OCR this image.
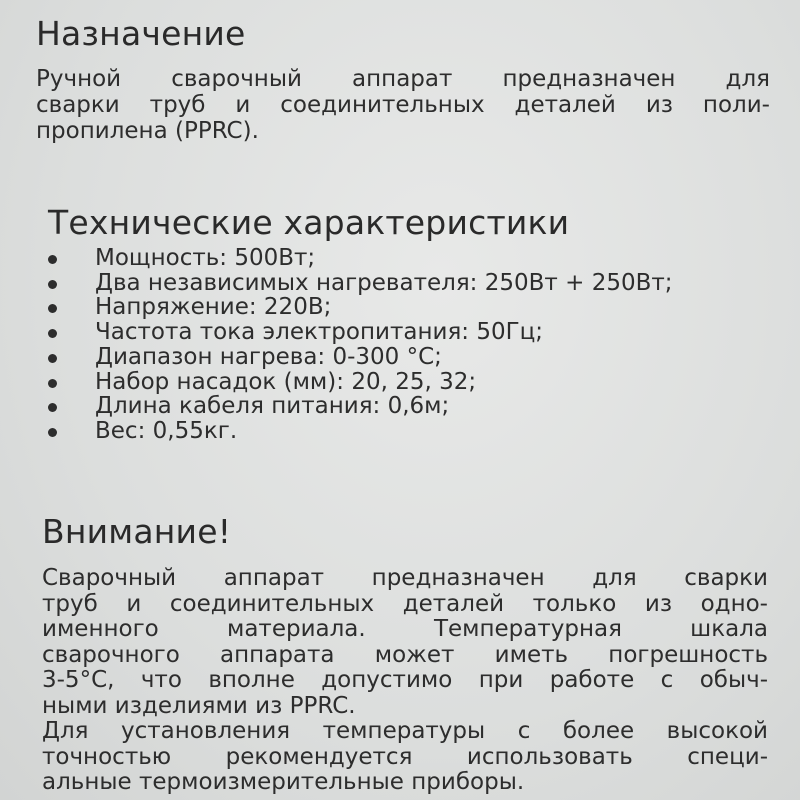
Назначение

Ручной сварочный аппарат предназначен для
сварки труб и соединительных деталей из поли-
пропилена (PPRC).

Технические характеристики
Мощность: 500Вт;
Два независимых нагревателя: 250Вт + 250Вт;
Напряжение: 220В;
Частота тока электропитания: 50Гц;
Диапазон нагрева: 0-300 °С;
Набор насадок (мм): 20, 25, 32;
Длина кабеля питания: 0,6м;
Вес: 0,55кг.
Внимание!

Сварочный аппарат предназначен для сварки
труб и соединительных деталей только из одно-
именного материала. Температурная шкала
сварочного аппарата может иметь погрешность
3-5°С, что вполне допустимо при работе с обыч-
ными изделиями из PPRC.
Для установления температуры с более высокой
точностью рекомендуется использовать специ-
альные термоизмерительные приборы.
